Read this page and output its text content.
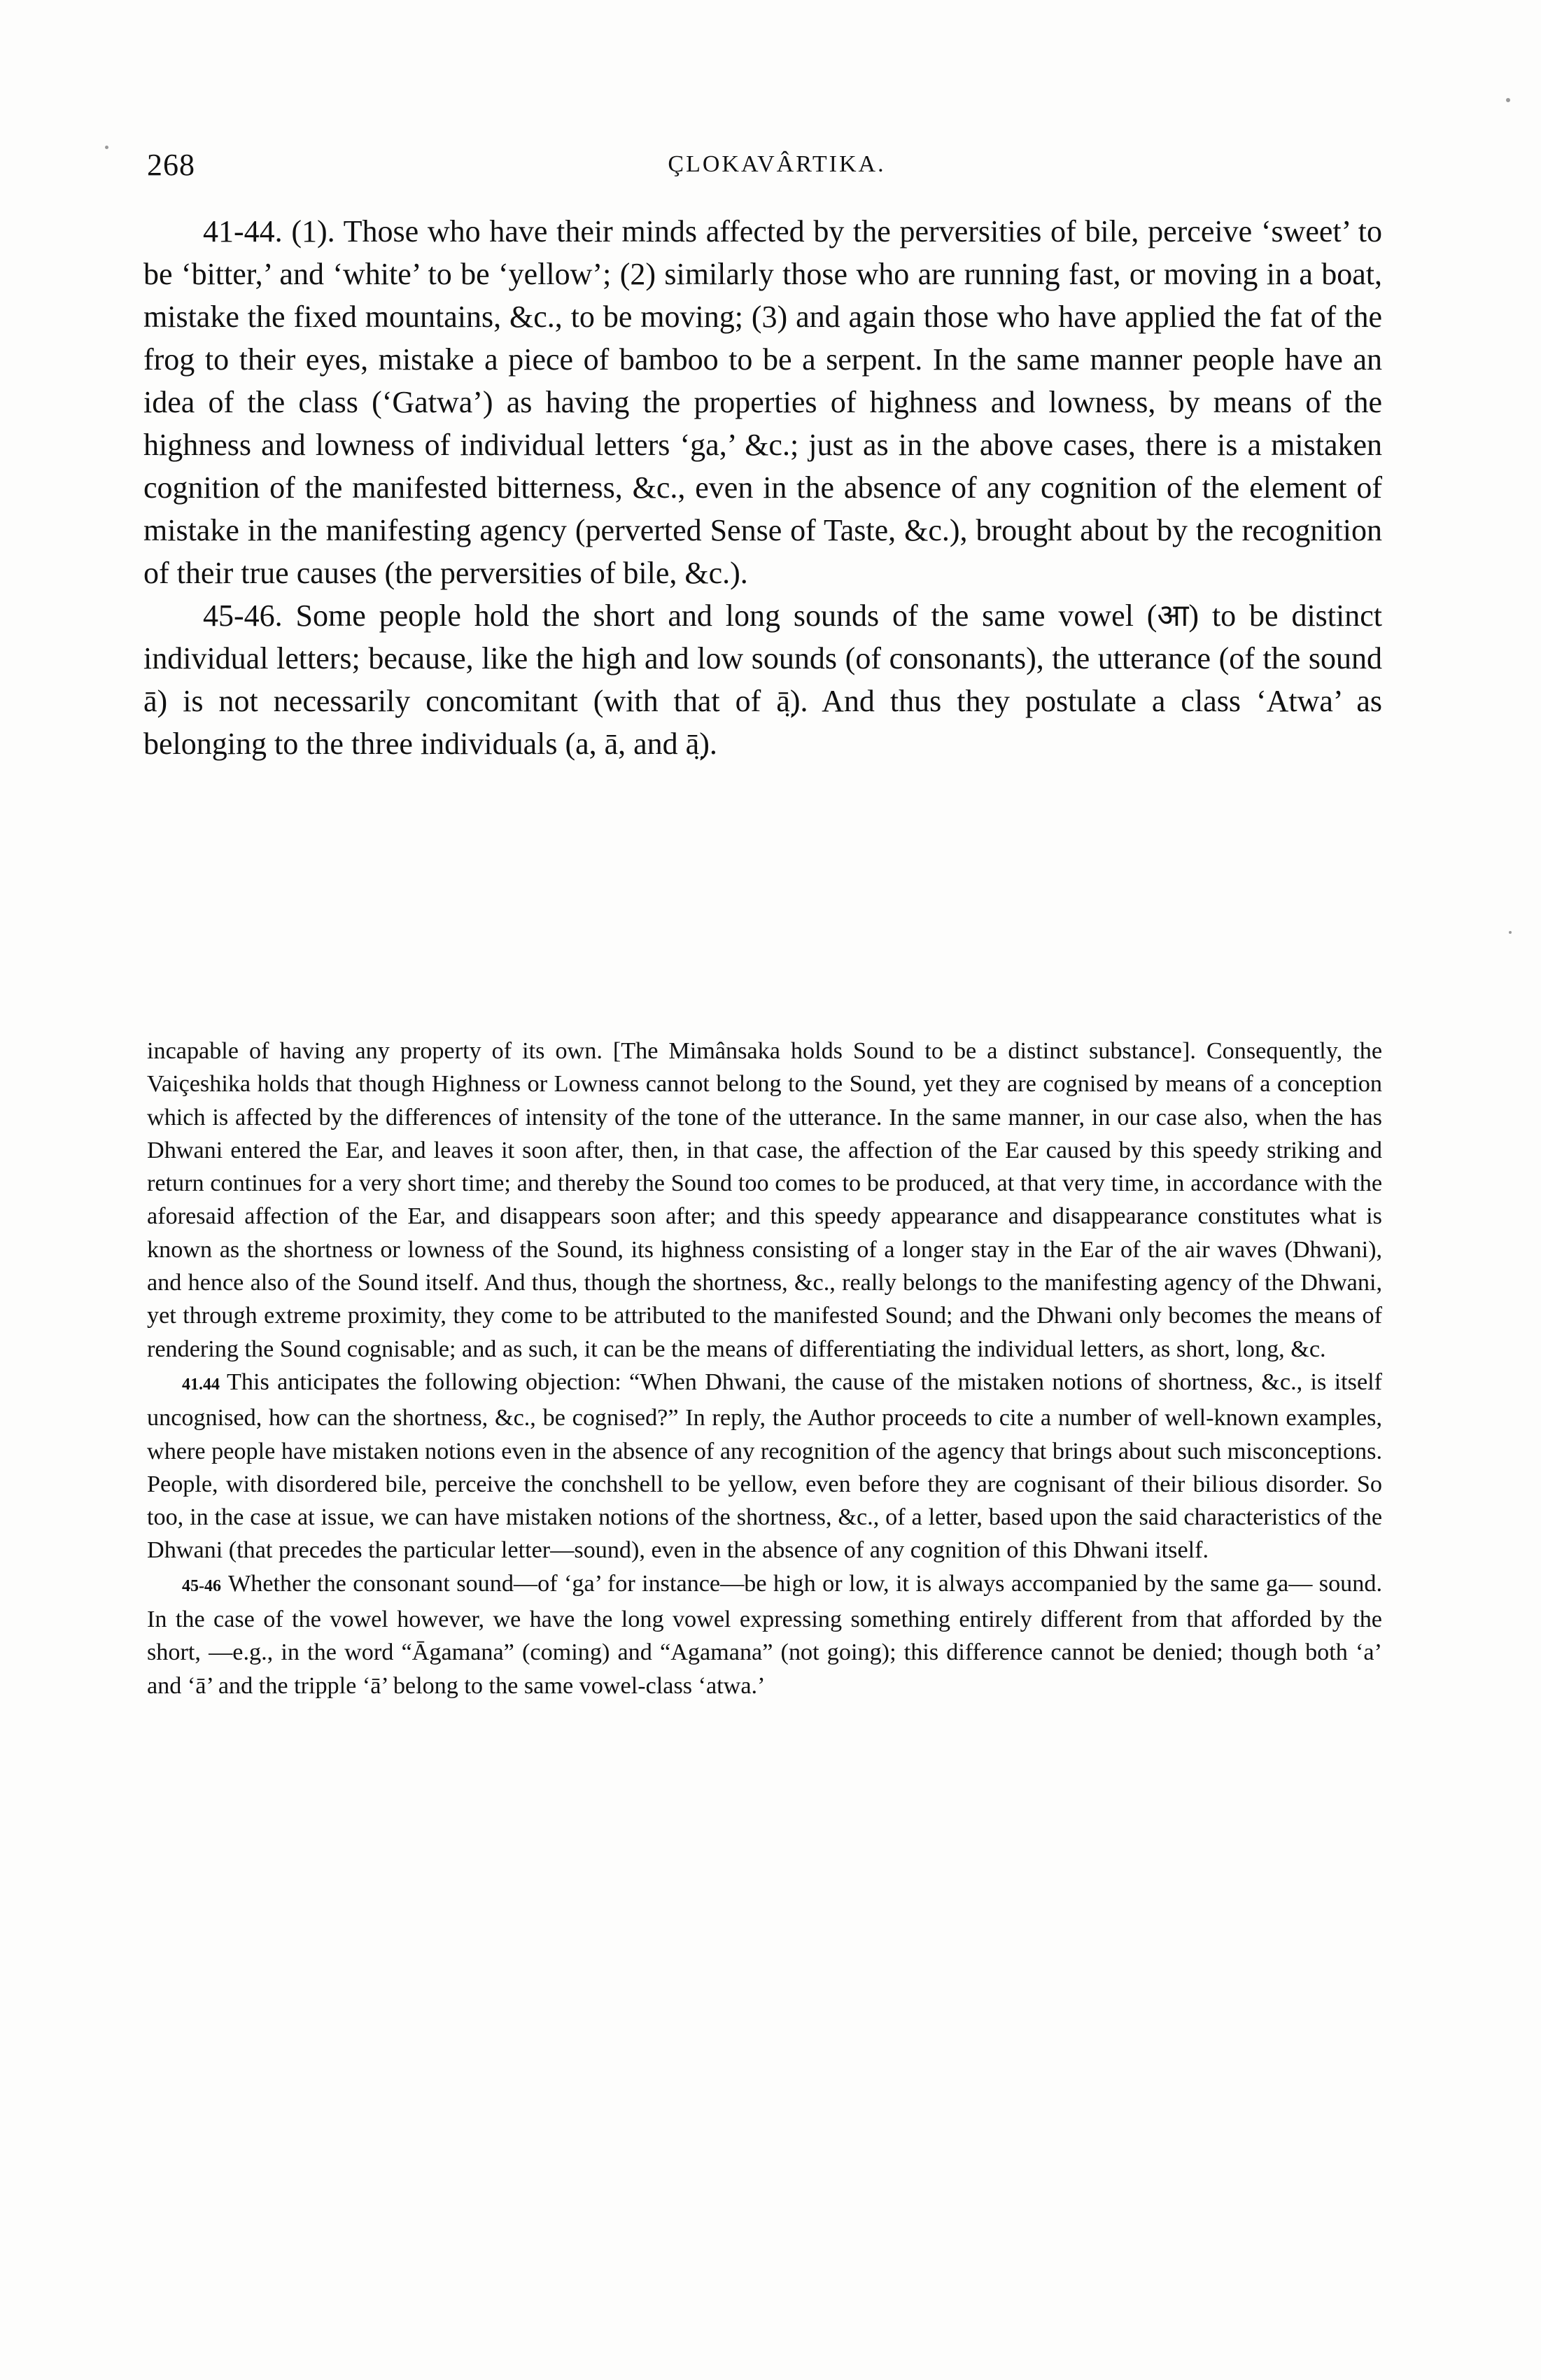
268	ÇLOKAVÂRTIKA.

41-44. (1). Those who have their minds affected by the perversities of bile, perceive ‘sweet’ to be ‘bitter,’ and ‘white’ to be ‘yellow’; (2) similarly those who are running fast, or moving in a boat, mistake the fixed mountains, &c., to be moving; (3) and again those who have applied the fat of the frog to their eyes, mistake a piece of bamboo to be a serpent. In the same manner people have an idea of the class (‘Gatwa’) as having the properties of highness and lowness, by means of the highness and lowness of individual letters ‘ga,’ &c.; just as in the above cases, there is a mistaken cognition of the manifested bitterness, &c., even in the absence of any cognition of the element of mistake in the manifesting agency (perverted Sense of Taste, &c.), brought about by the recognition of their true causes (the perversities of bile, &c.).

45-46. Some people hold the short and long sounds of the same vowel (आ) to be distinct individual letters; because, like the high and low sounds (of consonants), the utterance (of the sound ā) is not necessarily concomitant (with that of ā̤). And thus they postulate a class ‘Atwa’ as belonging to the three individuals (a, ā, and ā̤).

incapable of having any property of its own. [The Mimânsaka holds Sound to be a distinct substance]. Consequently, the Vaiçeshika holds that though Highness or Lowness cannot belong to the Sound, yet they are cognised by means of a conception which is affected by the differences of intensity of the tone of the utterance. In the same manner, in our case also, when the has Dhwani entered the Ear, and leaves it soon after, then, in that case, the affection of the Ear caused by this speedy striking and return continues for a very short time; and thereby the Sound too comes to be produced, at that very time, in accordance with the aforesaid affection of the Ear, and disappears soon after; and this speedy appearance and disappearance constitutes what is known as the shortness or lowness of the Sound, its highness consisting of a longer stay in the Ear of the air waves (Dhwani), and hence also of the Sound itself. And thus, though the shortness, &c., really belongs to the manifesting agency of the Dhwani, yet through extreme proximity, they come to be attributed to the manifested Sound; and the Dhwani only becomes the means of rendering the Sound cognisable; and as such, it can be the means of differentiating the individual letters, as short, long, &c.

41.44 This anticipates the following objection: “When Dhwani, the cause of the mistaken notions of shortness, &c., is itself uncognised, how can the shortness, &c., be cognised?” In reply, the Author proceeds to cite a number of well-known examples, where people have mistaken notions even in the absence of any recognition of the agency that brings about such misconceptions. People, with disordered bile, perceive the conchshell to be yellow, even before they are cognisant of their bilious disorder. So too, in the case at issue, we can have mistaken notions of the shortness, &c., of a letter, based upon the said characteristics of the Dhwani (that precedes the particular letter—sound), even in the absence of any cognition of this Dhwani itself.

45-46 Whether the consonant sound—of ‘ga’ for instance—be high or low, it is always accompanied by the same ga— sound. In the case of the vowel however, we have the long vowel expressing something entirely different from that afforded by the short, —e.g., in the word “Āgamana” (coming) and “Agamana” (not going); this difference cannot be denied; though both ‘a’ and ‘ā’ and the tripple ‘ā’ belong to the same vowel-class ‘atwa.’
